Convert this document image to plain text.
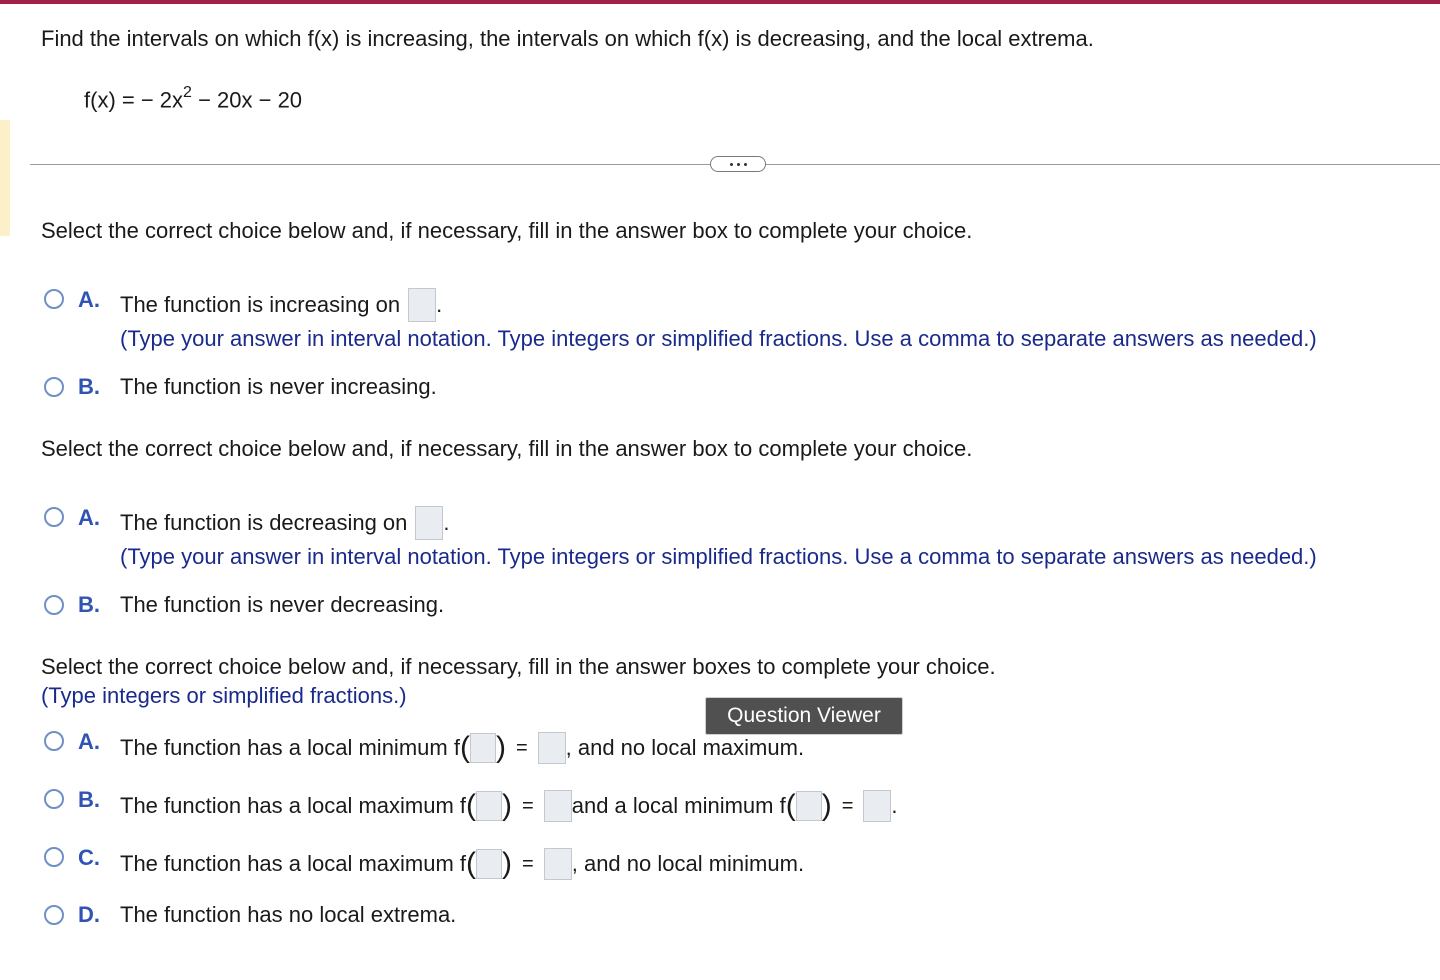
Find the intervals on which f(x) is increasing, the intervals on which f(x) is decreasing, and the local extrema.
f(x) = − $2x^2 - 20x - 20$
Select the correct choice below and, if necessary, fill in the answer box to complete your choice.
A. The function is increasing on .
(Type your answer in interval notation. Type integers or simplified fractions. Use a comma to separate answers as needed.)
B. The function is never increasing.
Select the correct choice below and, if necessary, fill in the answer box to complete your choice.
A. The function is decreasing on .
(Type your answer in interval notation. Type integers or simplified fractions. Use a comma to separate answers as needed.)
B. The function is never decreasing.
Select the correct choice below and, if necessary, fill in the answer boxes to complete your choice.
(Type integers or simplified fractions.)
A. The function has a local minimum f ( ) = , and no local maximum.
B. The function has a local maximum f ( ) = and a local minimum f ( ) = .
C. The function has a local maximum f ( ) = , and no local minimum.
D. The function has no local extrema.
Question Viewer
